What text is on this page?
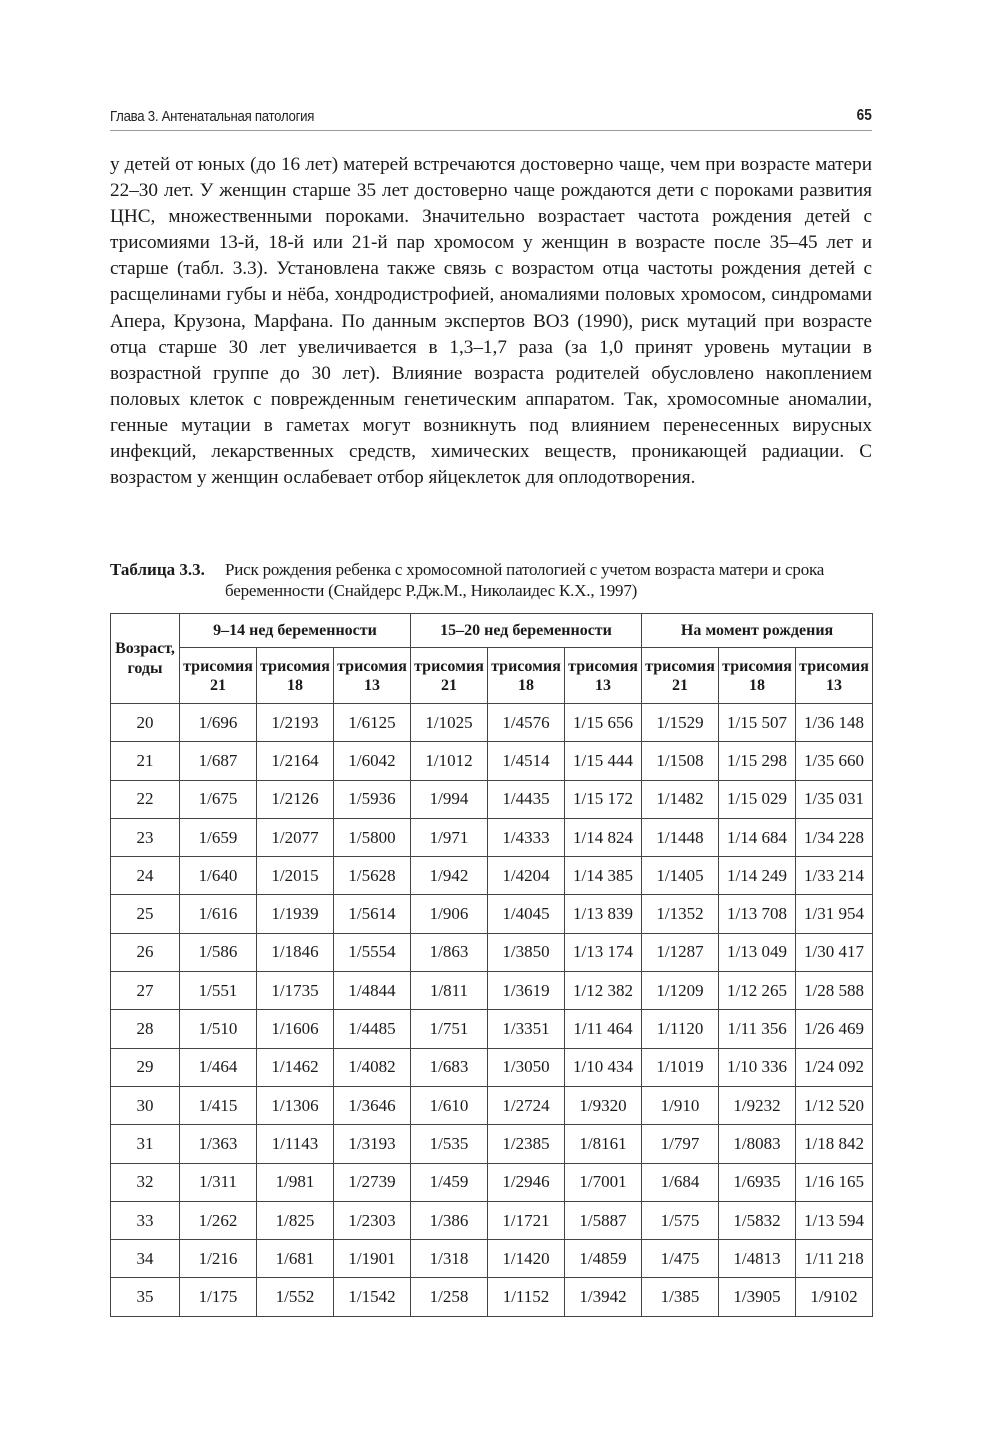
Глава 3. Антенатальная патология	65

у детей от юных (до 16 лет) матерей встречаются достоверно чаще, чем при возрасте матери 22–30 лет. У женщин старше 35 лет достоверно чаще рождаются дети с пороками развития ЦНС, множественными пороками. Значительно возрастает частота рождения детей с трисомиями 13-й, 18-й или 21-й пар хромосом у женщин в возрасте после 35–45 лет и старше (табл. 3.3). Установлена также связь с возрастом отца частоты рождения детей с расщелинами губы и нёба, хондродистрофией, аномалиями половых хромосом, синдромами Апера, Крузона, Марфана. По данным экспертов ВОЗ (1990), риск мутаций при возрасте отца старше 30 лет увеличивается в 1,3–1,7 раза (за 1,0 принят уровень мутации в возрастной группе до 30 лет). Влияние возраста родителей обусловлено накоплением половых клеток с поврежденным генетическим аппаратом. Так, хромосомные аномалии, генные мутации в гаметах могут возникнуть под влиянием перенесенных вирусных инфекций, лекарственных средств, химических веществ, проникающей радиации. С возрастом у женщин ослабевает отбор яйцеклеток для оплодотворения.

Таблица 3.3. Риск рождения ребенка с хромосомной патологией с учетом возраста матери и срока беременности (Снайдерс Р.Дж.М., Николаидес К.Х., 1997)
Возраст, годы	9–14 нед беременности			15–20 нед беременности			На момент рождения		
	трисомия 21	трисомия 18	трисомия 13	трисомия 21	трисомия 18	трисомия 13	трисомия 21	трисомия 18	трисомия 13
20	1/696	1/2193	1/6125	1/1025	1/4576	1/15 656	1/1529	1/15 507	1/36 148
21	1/687	1/2164	1/6042	1/1012	1/4514	1/15 444	1/1508	1/15 298	1/35 660
22	1/675	1/2126	1/5936	1/994	1/4435	1/15 172	1/1482	1/15 029	1/35 031
23	1/659	1/2077	1/5800	1/971	1/4333	1/14 824	1/1448	1/14 684	1/34 228
24	1/640	1/2015	1/5628	1/942	1/4204	1/14 385	1/1405	1/14 249	1/33 214
25	1/616	1/1939	1/5614	1/906	1/4045	1/13 839	1/1352	1/13 708	1/31 954
26	1/586	1/1846	1/5554	1/863	1/3850	1/13 174	1/1287	1/13 049	1/30 417
27	1/551	1/1735	1/4844	1/811	1/3619	1/12 382	1/1209	1/12 265	1/28 588
28	1/510	1/1606	1/4485	1/751	1/3351	1/11 464	1/1120	1/11 356	1/26 469
29	1/464	1/1462	1/4082	1/683	1/3050	1/10 434	1/1019	1/10 336	1/24 092
30	1/415	1/1306	1/3646	1/610	1/2724	1/9320	1/910	1/9232	1/12 520
31	1/363	1/1143	1/3193	1/535	1/2385	1/8161	1/797	1/8083	1/18 842
32	1/311	1/981	1/2739	1/459	1/2946	1/7001	1/684	1/6935	1/16 165
33	1/262	1/825	1/2303	1/386	1/1721	1/5887	1/575	1/5832	1/13 594
34	1/216	1/681	1/1901	1/318	1/1420	1/4859	1/475	1/4813	1/11 218
35	1/175	1/552	1/1542	1/258	1/1152	1/3942	1/385	1/3905	1/9102
